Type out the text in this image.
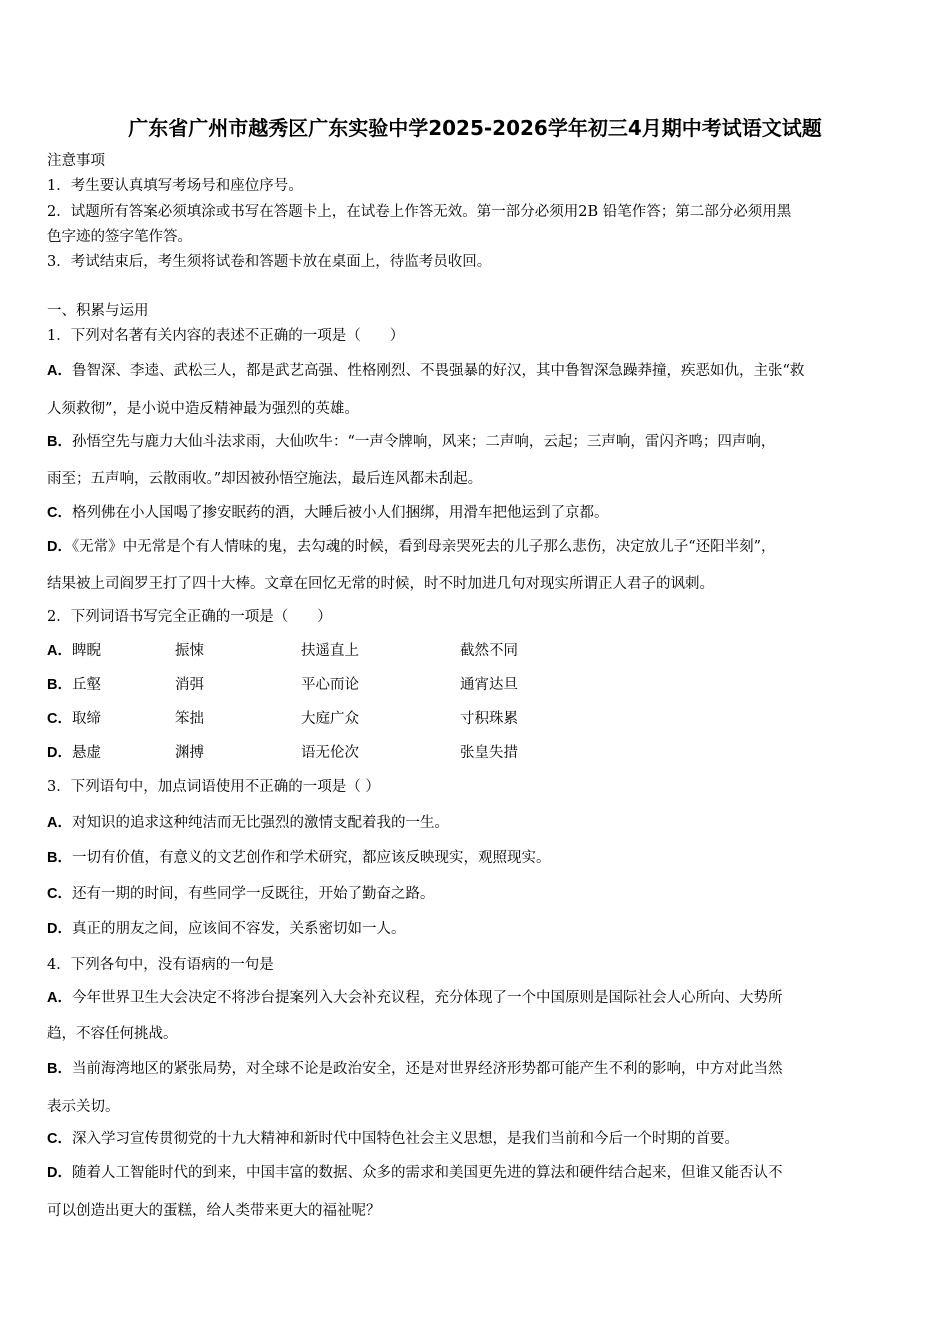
广东省广州市越秀区广东实验中学2025-2026学年初三4月期中考试语文试题
注意事项
1．考生要认真填写考场号和座位序号。
2．试题所有答案必须填涂或书写在答题卡上，在试卷上作答无效。第一部分必须用2B 铅笔作答；第二部分必须用黑
色字迹的签字笔作答。
3．考试结束后，考生须将试卷和答题卡放在桌面上，待监考员收回。
一、积累与运用
1．下列对名著有关内容的表述不正确的一项是（　　）
A．鲁智深、李逵、武松三人，都是武艺高强、性格刚烈、不畏强暴的好汉，其中鲁智深急躁莽撞，疾恶如仇，主张“救
人须救彻”，是小说中造反精神最为强烈的英雄。
B．孙悟空先与鹿力大仙斗法求雨，大仙吹牛：“一声令牌响，风来；二声响，云起；三声响，雷闪齐鸣；四声响，
雨至；五声响，云散雨收。”却因被孙悟空施法，最后连风都未刮起。
C．格列佛在小人国喝了掺安眠药的酒，大睡后被小人们捆绑，用滑车把他运到了京都。
D．《无常》中无常是个有人情味的鬼，去勾魂的时候，看到母亲哭死去的儿子那么悲伤，决定放儿子“还阳半刻”，
结果被上司阎罗王打了四十大棒。文章在回忆无常的时候，时不时加进几句对现实所谓正人君子的讽刺。
2．下列词语书写完全正确的一项是（　　）
A．睥睨	振悚	扶遥直上	截然不同
B．丘壑	消弭	平心而论	通宵达旦
C．取缔	笨拙	大庭广众	寸积珠累
D．悬虚	渊搏	语无伦次	张皇失措
3．下列语句中，加点词语使用不正确的一项是（ ）
A．对知识的追求这种纯洁而无比强烈的激情支配着我的一生。
B．一切有价值，有意义的文艺创作和学术研究，都应该反映现实，观照现实。
C．还有一期的时间，有些同学一反既往，开始了勤奋之路。
D．真正的朋友之间，应该间不容发，关系密切如一人。
4．下列各句中，没有语病的一句是
A．今年世界卫生大会决定不将涉台提案列入大会补充议程，充分体现了一个中国原则是国际社会人心所向、大势所
趋，不容任何挑战。
B．当前海湾地区的紧张局势，对全球不论是政治安全，还是对世界经济形势都可能产生不利的影响，中方对此当然
表示关切。
C．深入学习宣传贯彻党的十九大精神和新时代中国特色社会主义思想，是我们当前和今后一个时期的首要。
D．随着人工智能时代的到来，中国丰富的数据、众多的需求和美国更先进的算法和硬件结合起来，但谁又能否认不
可以创造出更大的蛋糕，给人类带来更大的福祉呢？
